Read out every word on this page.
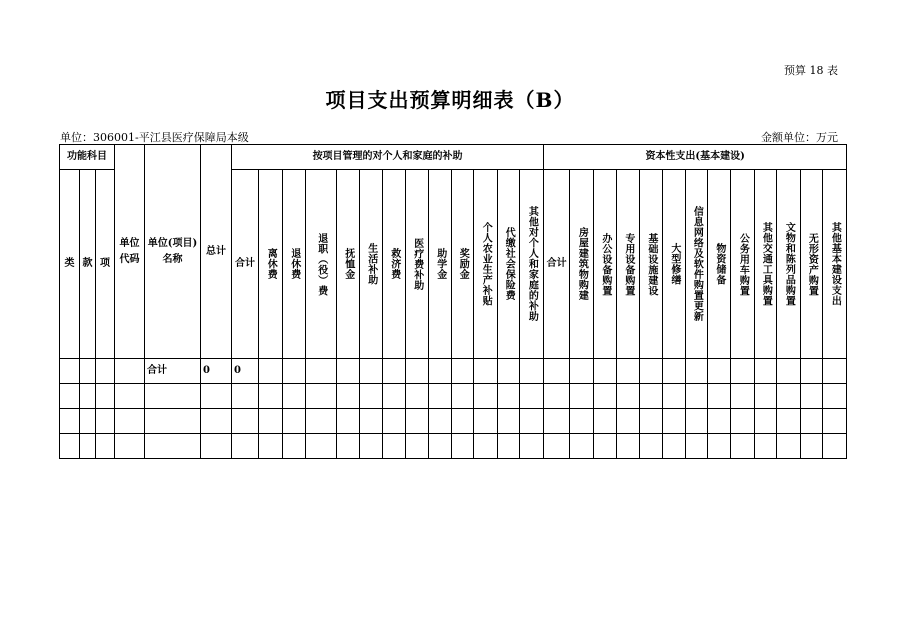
预算 18 表
项目支出预算明细表（B）
单位：306001-平江县医疗保障局本级	金额单位：万元
功能科目			单位代码	单位(项目)名称	总计	按项目管理的对个人和家庭的补助													资本性支出(基本建设)												
类	款	项				合计	离休费	退休费	退职（役）费	抚恤金	生活补助	救济费	医疗费补助	助学金	奖励金	个人农业生产补贴	代缴社会保险费	其他对个人和家庭的补助	合计	房屋建筑物购建	办公设备购置	专用设备购置	基础设施建设	大型修缮	信息网络及软件购置更新	物资储备	公务用车购置	其他交通工具购置	文物和陈列品购置	无形资产购置	其他基本建设支出
				合计	0	0																									
